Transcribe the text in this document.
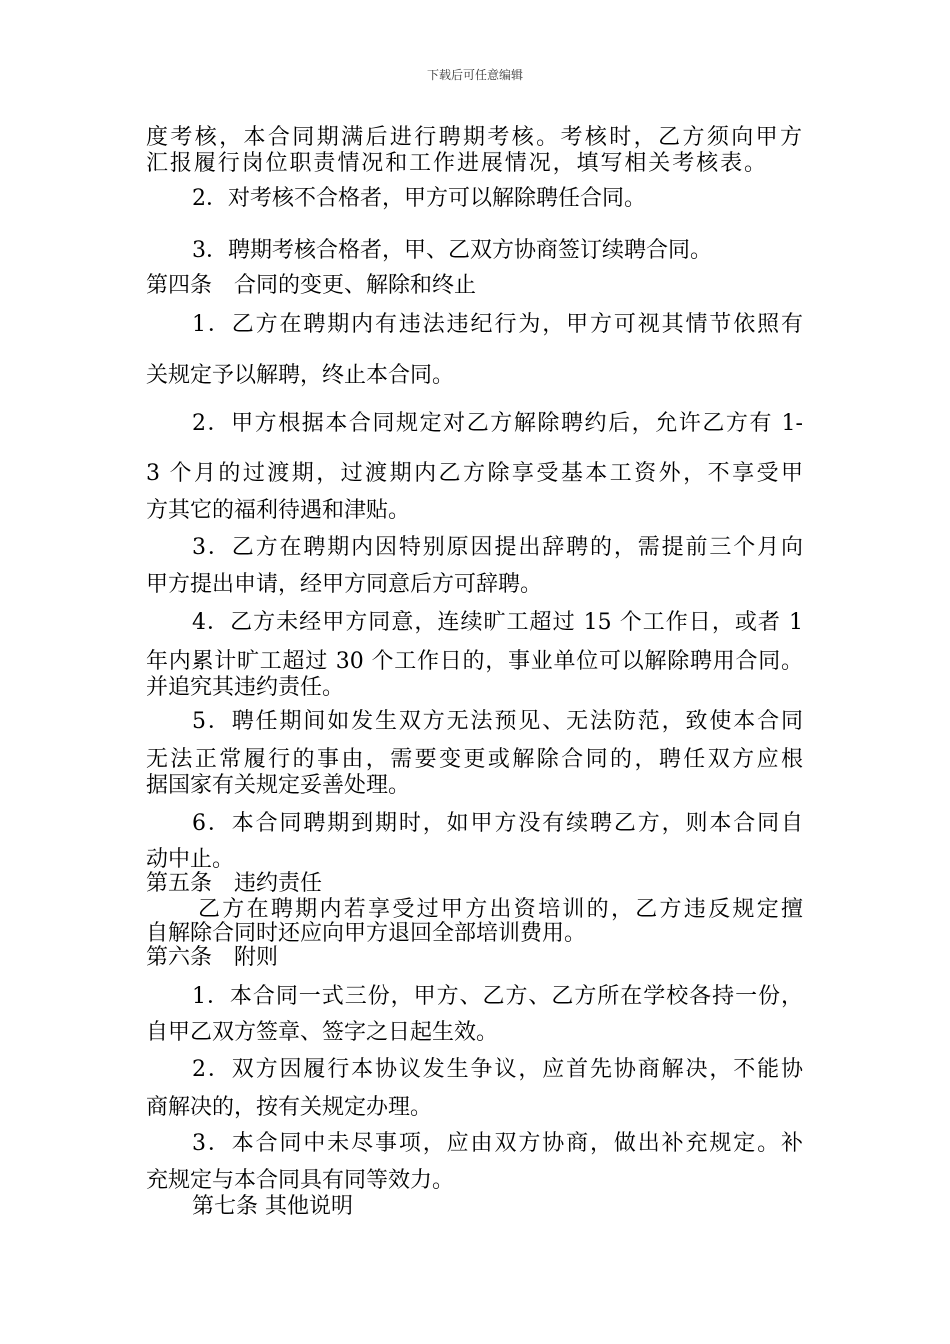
下载后可任意编辑
度考核，本合同期满后进行聘期考核。考核时，乙方须向甲方
汇报履行岗位职责情况和工作进展情况，填写相关考核表。
2．对考核不合格者，甲方可以解除聘任合同。
3．聘期考核合格者，甲、乙双方协商签订续聘合同。
第四条　合同的变更、解除和终止
1．乙方在聘期内有违法违纪行为，甲方可视其情节依照有
关规定予以解聘，终止本合同。
2．甲方根据本合同规定对乙方解除聘约后，允许乙方有 1-
3 个月的过渡期，过渡期内乙方除享受基本工资外，不享受甲
方其它的福利待遇和津贴。
3．乙方在聘期内因特别原因提出辞聘的，需提前三个月向
甲方提出申请，经甲方同意后方可辞聘。
4．乙方未经甲方同意，连续旷工超过 15 个工作日，或者 1
年内累计旷工超过 30 个工作日的，事业单位可以解除聘用合同。
并追究其违约责任。
5．聘任期间如发生双方无法预见、无法防范，致使本合同
无法正常履行的事由，需要变更或解除合同的，聘任双方应根
据国家有关规定妥善处理。
6．本合同聘期到期时，如甲方没有续聘乙方，则本合同自
动中止。
第五条　违约责任
乙方在聘期内若享受过甲方出资培训的，乙方违反规定擅
自解除合同时还应向甲方退回全部培训费用。
第六条　附则
1．本合同一式三份，甲方、乙方、乙方所在学校各持一份，
自甲乙双方签章、签字之日起生效。
2．双方因履行本协议发生争议，应首先协商解决，不能协
商解决的，按有关规定办理。
3．本合同中未尽事项，应由双方协商，做出补充规定。补
充规定与本合同具有同等效力。
第七条 其他说明
